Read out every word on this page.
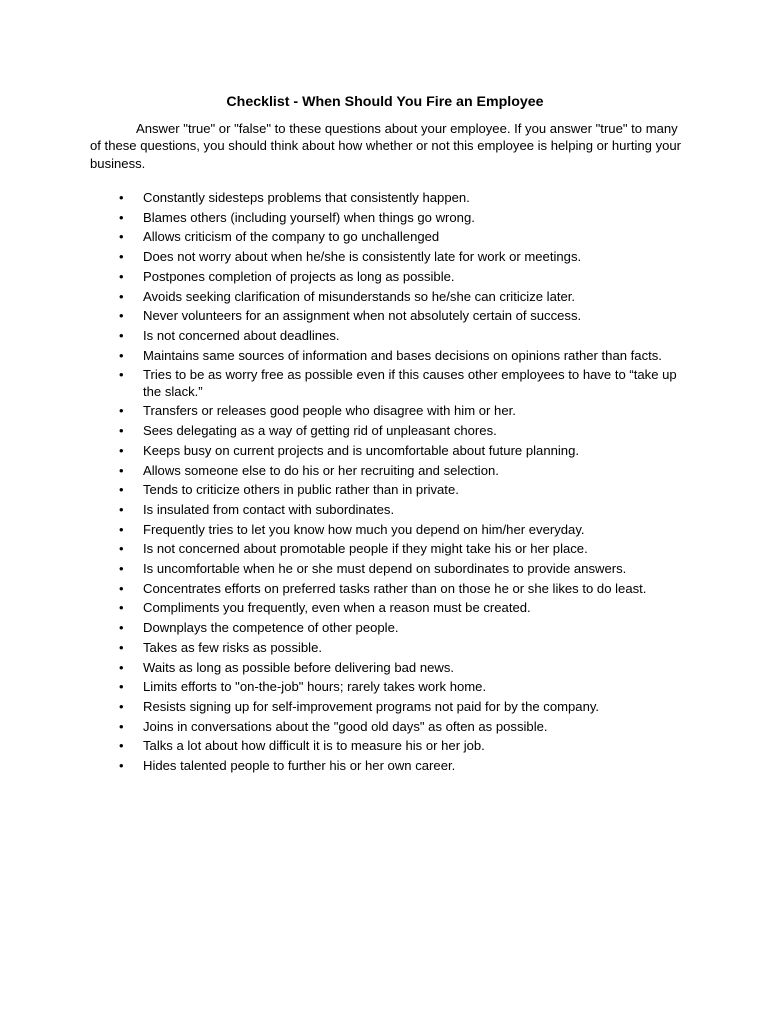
Checklist - When Should You Fire an Employee
Answer "true" or "false" to these questions about your employee. If you answer "true" to many of these questions, you should think about how whether or not this employee is helping or hurting your business.
• Constantly sidesteps problems that consistently happen.
• Blames others (including yourself) when things go wrong.
• Allows criticism of the company to go unchallenged
• Does not worry about when he/she is consistently late for work or meetings.
• Postpones completion of projects as long as possible.
• Avoids seeking clarification of misunderstands so he/she can criticize later.
• Never volunteers for an assignment when not absolutely certain of success.
• Is not concerned about deadlines.
• Maintains same sources of information and bases decisions on opinions rather than facts.
• Tries to be as worry free as possible even if this causes other employees to have to “take up the slack.”
• Transfers or releases good people who disagree with him or her.
• Sees delegating as a way of getting rid of unpleasant chores.
• Keeps busy on current projects and is uncomfortable about future planning.
• Allows someone else to do his or her recruiting and selection.
• Tends to criticize others in public rather than in private.
• Is insulated from contact with subordinates.
• Frequently tries to let you know how much you depend on him/her everyday.
• Is not concerned about promotable people if they might take his or her place.
• Is uncomfortable when he or she must depend on subordinates to provide answers.
• Concentrates efforts on preferred tasks rather than on those he or she likes to do least.
• Compliments you frequently, even when a reason must be created.
• Downplays the competence of other people.
• Takes as few risks as possible.
• Waits as long as possible before delivering bad news.
• Limits efforts to "on-the-job" hours; rarely takes work home.
• Resists signing up for self-improvement programs not paid for by the company.
• Joins in conversations about the "good old days" as often as possible.
• Talks a lot about how difficult it is to measure his or her job.
• Hides talented people to further his or her own career.
